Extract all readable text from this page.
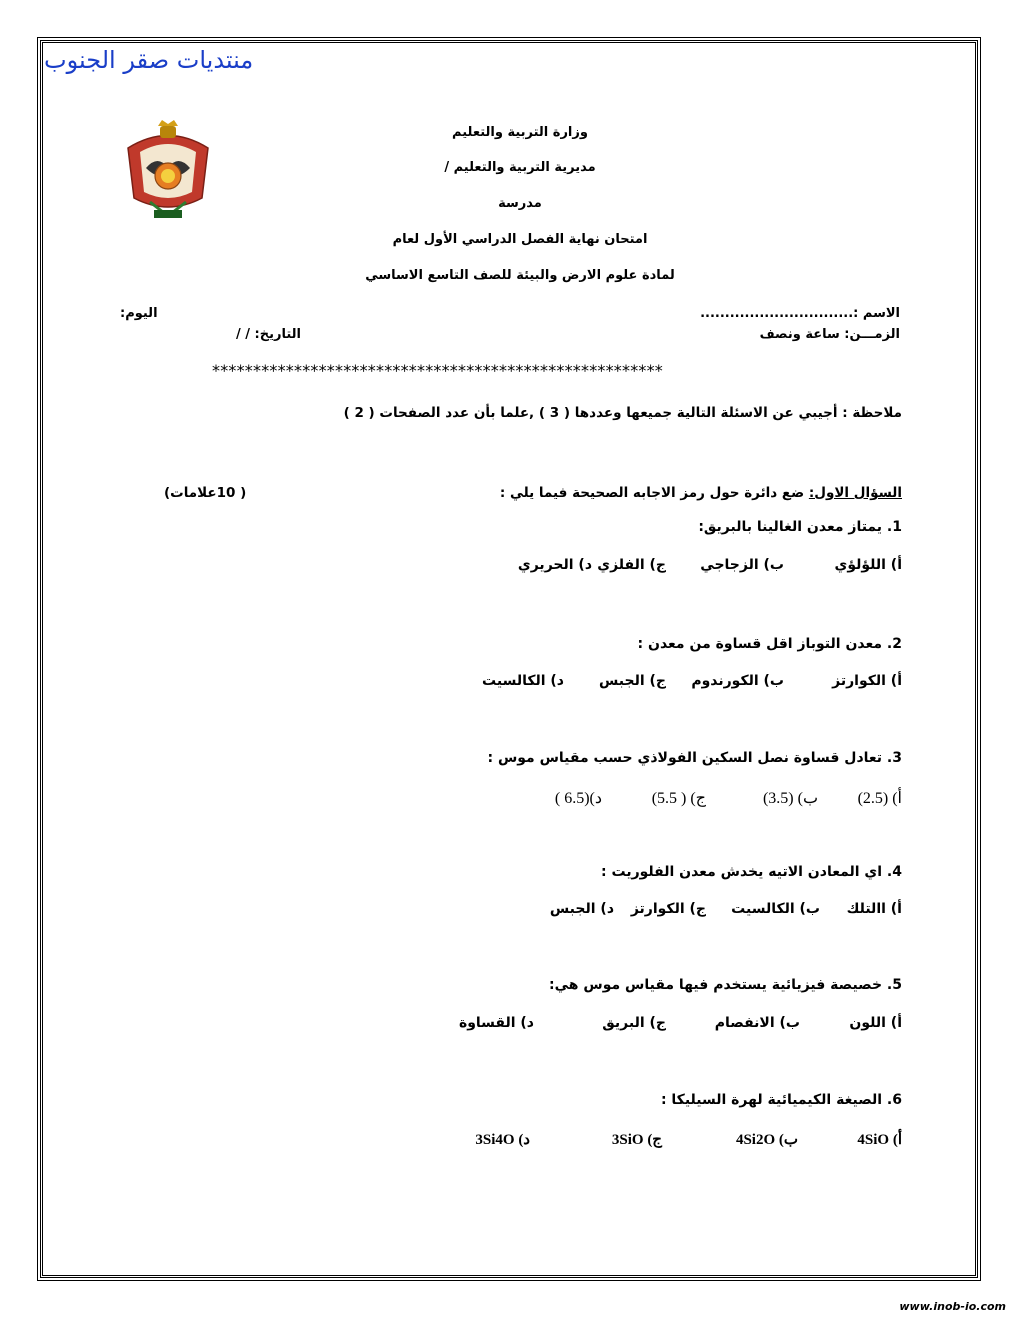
منتديات صقر الجنوب
وزارة التربية والتعليم
مديرية التربية والتعليم /
مدرسة
امتحان نهاية الفصل الدراسي الأول لعام
لمادة علوم الارض والبيئة للصف التاسع الاساسي
الاسم :...............................
اليوم:
الزمـــن: ساعة ونصف
التاريخ: / /
*******************************************************
ملاحظة : أجيبي عن الاسئلة التالية جميعها وعددها ( 3 ) ,علما بأن عدد الصفحات ( 2 )
السؤال الاول: ضع دائرة حول رمز الاجابه الصحيحة فيما يلي :
( 10علامات)
1. يمتاز معدن الغالينا بالبريق:
أ) اللؤلؤي
ب) الزجاجي
ج) الفلزي
د) الحريري
2. معدن التوباز اقل قساوة من معدن :
أ) الكوارتز
ب) الكورندوم
ج) الجبس
د) الكالسيت
3. تعادل قساوة نصل السكين الفولاذي حسب مقياس موس :
أ) (2.5)
ب) (3.5)
ج) ( 5.5)
د)(6.5 )
4. اي المعادن الاتيه يخدش معدن الفلوريت :
أ) االتلك
ب) الكالسيت
ج) الكوارتز
د) الجبس
5. خصيصة فيزيائية يستخدم فيها مقياس موس هي:
أ) اللون
ب) الانفصام
ج) البريق
د) القساوة
6. الصيغة الكيميائية لهرة السيليكا :
أ) 4SiO
ب) 4Si2O
ج) 3SiO
د) 3Si4O
www.inob-io.com
